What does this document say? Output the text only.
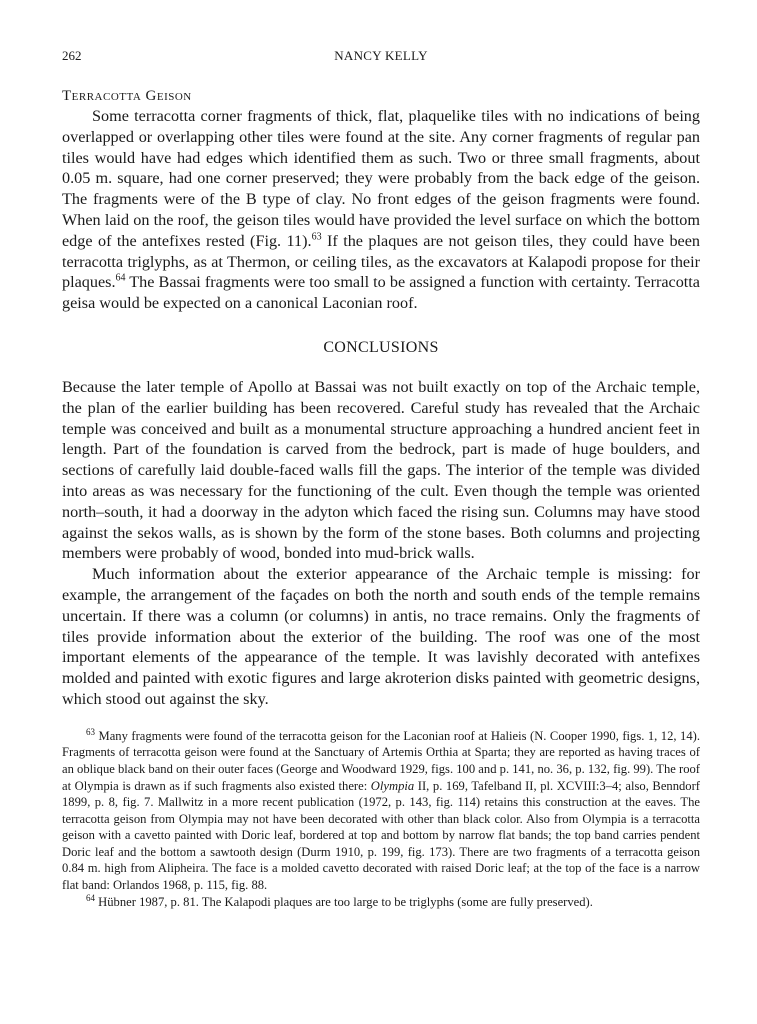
262	NANCY KELLY
Terracotta Geison

Some terracotta corner fragments of thick, flat, plaquelike tiles with no indications of being overlapped or overlapping other tiles were found at the site. Any corner fragments of regular pan tiles would have had edges which identified them as such. Two or three small fragments, about 0.05 m. square, had one corner preserved; they were probably from the back edge of the geison. The fragments were of the B type of clay. No front edges of the geison fragments were found. When laid on the roof, the geison tiles would have provided the level surface on which the bottom edge of the antefixes rested (Fig. 11).$^{63}$ If the plaques are not geison tiles, they could have been terracotta triglyphs, as at Thermon, or ceiling tiles, as the excavators at Kalapodi propose for their plaques.$^{64}$ The Bassai fragments were too small to be assigned a function with certainty. Terracotta geisa would be expected on a canonical Laconian roof.

CONCLUSIONS

Because the later temple of Apollo at Bassai was not built exactly on top of the Archaic temple, the plan of the earlier building has been recovered. Careful study has revealed that the Archaic temple was conceived and built as a monumental structure approaching a hundred ancient feet in length. Part of the foundation is carved from the bedrock, part is made of huge boulders, and sections of carefully laid double-faced walls fill the gaps. The interior of the temple was divided into areas as was necessary for the functioning of the cult. Even though the temple was oriented north–south, it had a doorway in the adyton which faced the rising sun. Columns may have stood against the sekos walls, as is shown by the form of the stone bases. Both columns and projecting members were probably of wood, bonded into mud-brick walls.

Much information about the exterior appearance of the Archaic temple is missing: for example, the arrangement of the façades on both the north and south ends of the temple remains uncertain. If there was a column (or columns) in antis, no trace remains. Only the fragments of tiles provide information about the exterior of the building. The roof was one of the most important elements of the appearance of the temple. It was lavishly decorated with antefixes molded and painted with exotic figures and large akroterion disks painted with geometric designs, which stood out against the sky.

$^{63}$ Many fragments were found of the terracotta geison for the Laconian roof at Halieis (N. Cooper 1990, figs. 1, 12, 14). Fragments of terracotta geison were found at the Sanctuary of Artemis Orthia at Sparta; they are reported as having traces of an oblique black band on their outer faces (George and Woodward 1929, figs. 100 and p. 141, no. 36, p. 132, fig. 99). The roof at Olympia is drawn as if such fragments also existed there: Olympia II, p. 169, Tafelband II, pl. XCVIII:3–4; also, Benndorf 1899, p. 8, fig. 7. Mallwitz in a more recent publication (1972, p. 143, fig. 114) retains this construction at the eaves. The terracotta geison from Olympia may not have been decorated with other than black color. Also from Olympia is a terracotta geison with a cavetto painted with Doric leaf, bordered at top and bottom by narrow flat bands; the top band carries pendent Doric leaf and the bottom a sawtooth design (Durm 1910, p. 199, fig. 173). There are two fragments of a terracotta geison 0.84 m. high from Alipheira. The face is a molded cavetto decorated with raised Doric leaf; at the top of the face is a narrow flat band: Orlandos 1968, p. 115, fig. 88.

$^{64}$ Hübner 1987, p. 81. The Kalapodi plaques are too large to be triglyphs (some are fully preserved).
